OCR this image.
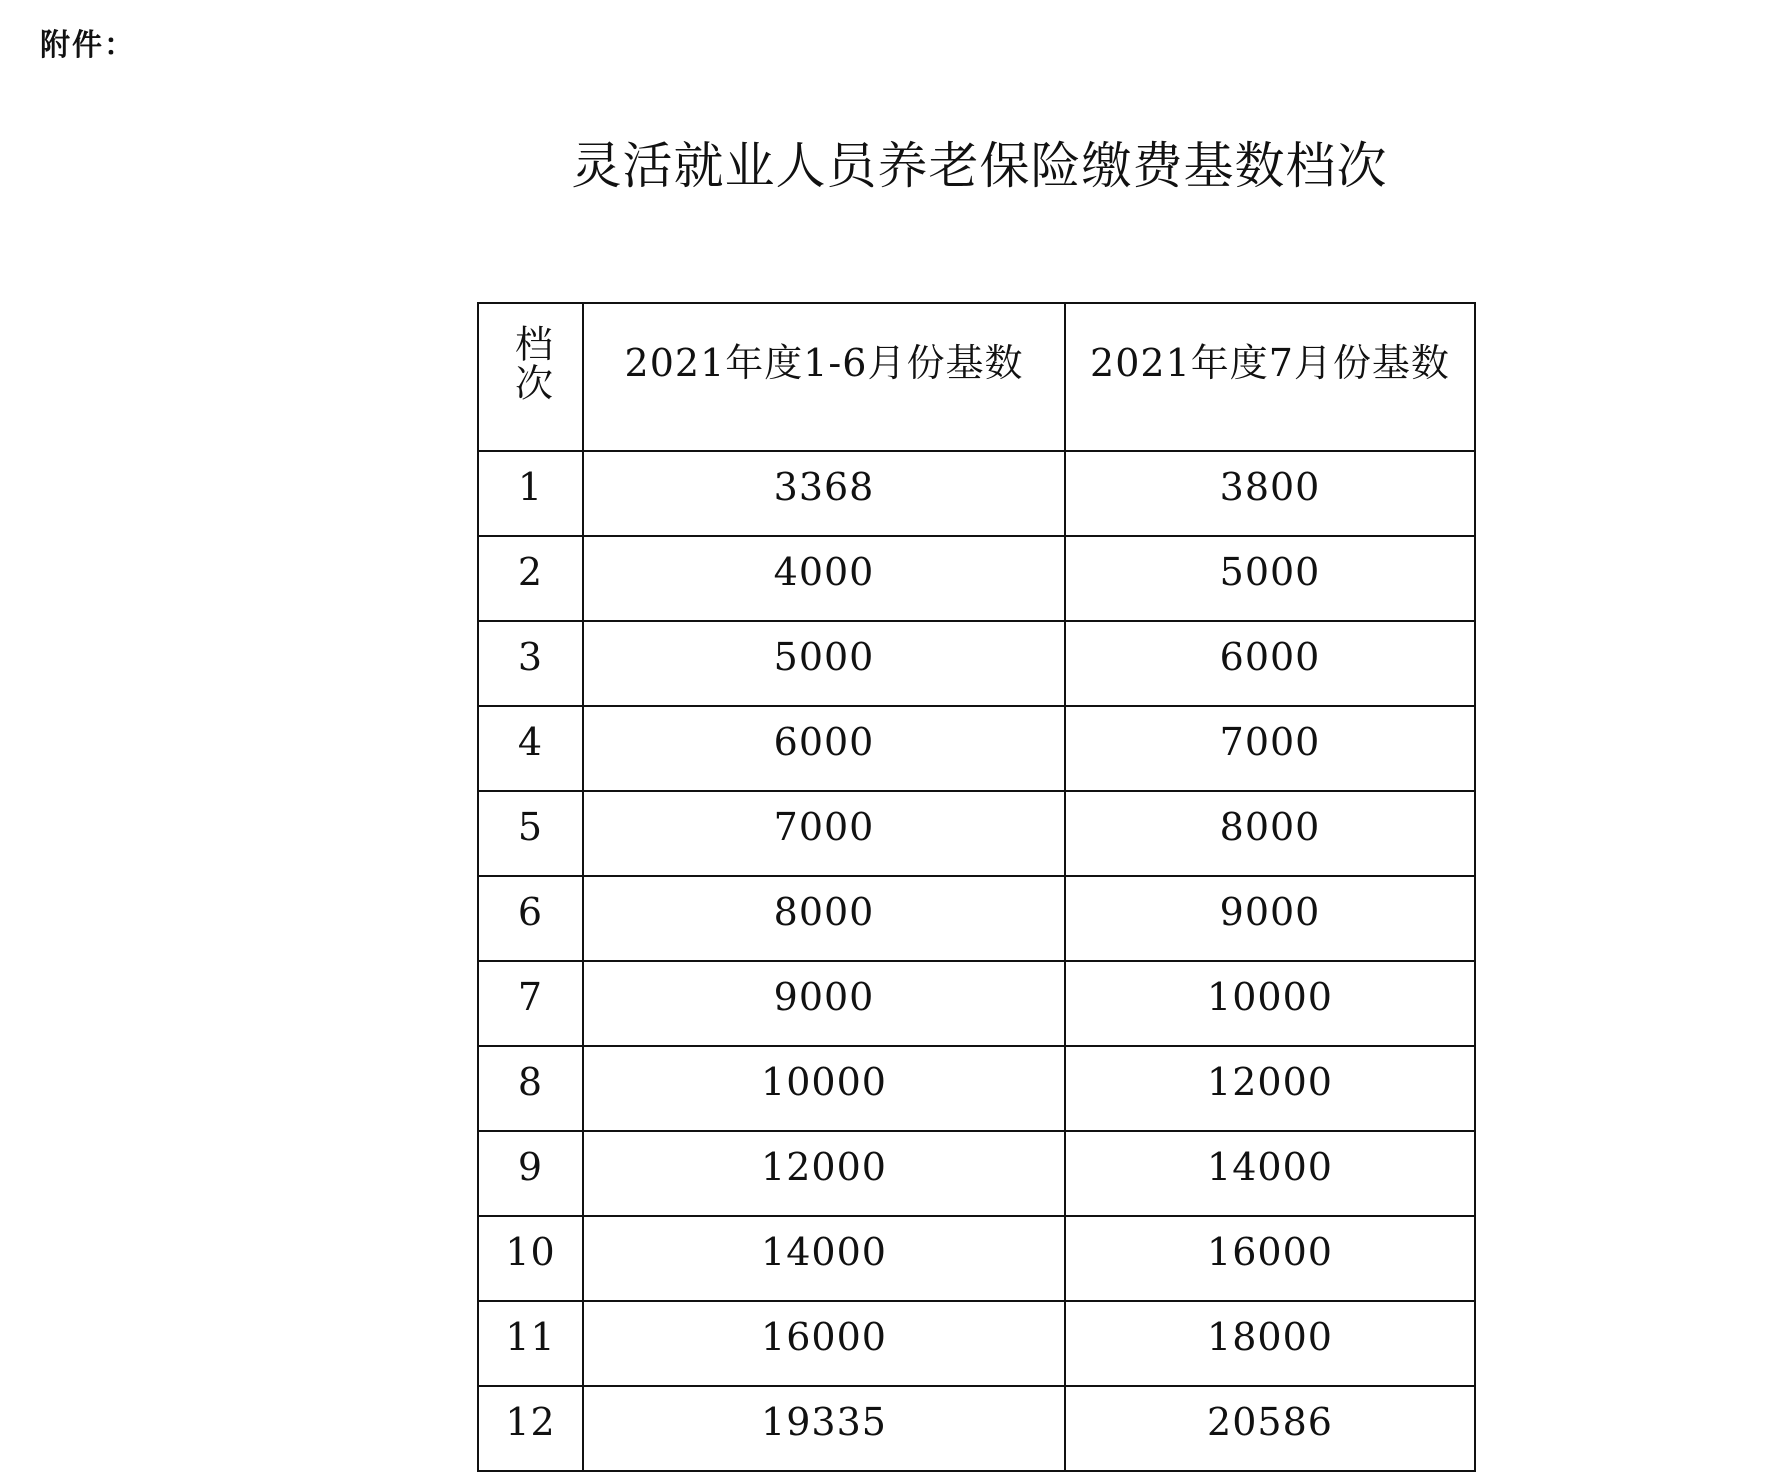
附件：
灵活就业人员养老保险缴费基数档次
档次	2021年度1-6月份基数	2021年度7月份基数
1	3368	3800
2	4000	5000
3	5000	6000
4	6000	7000
5	7000	8000
6	8000	9000
7	9000	10000
8	10000	12000
9	12000	14000
10	14000	16000
11	16000	18000
12	19335	20586
